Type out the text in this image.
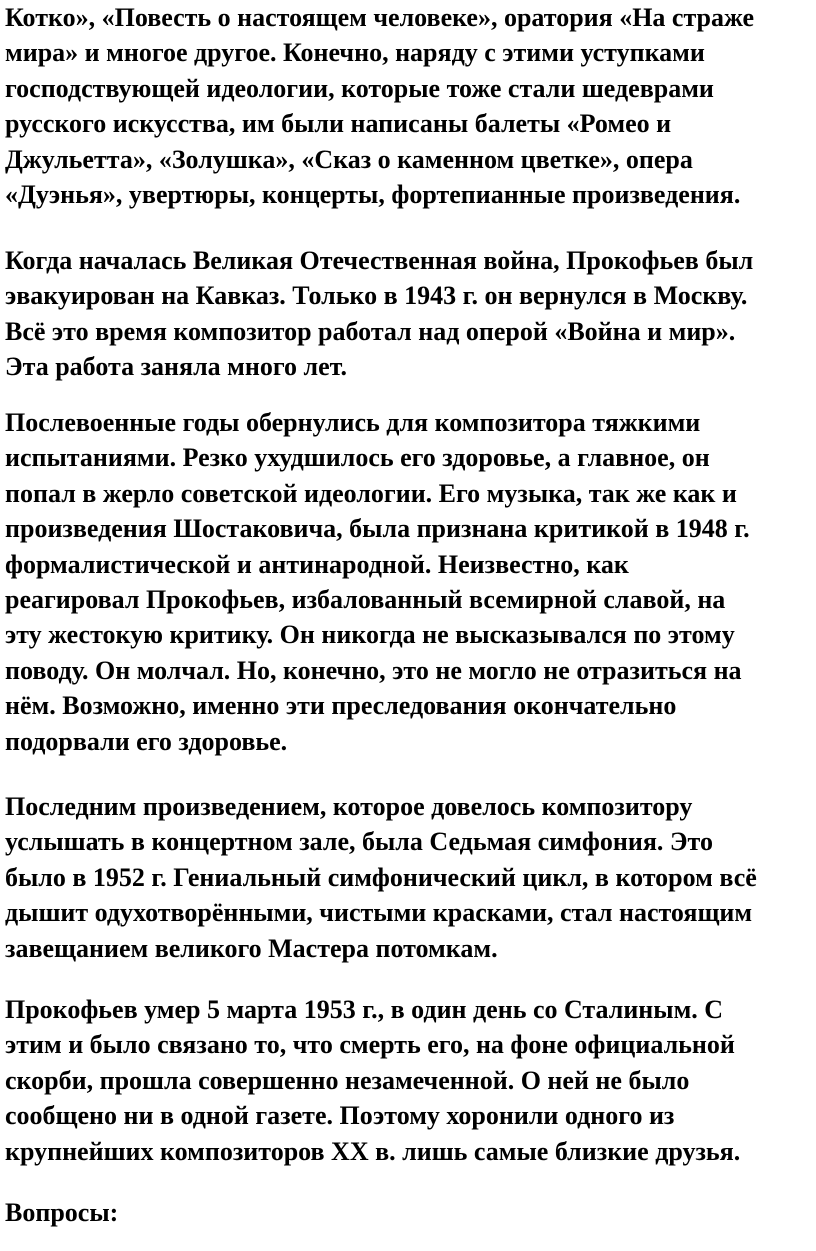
Котко», «Повесть о настоящем человеке», оратория «На страже
мира» и многое другое. Конечно, наряду с этими уступками
господствующей идеологии, которые тоже стали шедеврами
русского искусства, им были написаны балеты «Ромео и
Джульетта», «Золушка», «Сказ о каменном цветке», опера
«Дуэнья», увертюры, концерты, фортепианные произведения.

Когда началась Великая Отечественная война, Прокофьев был
эвакуирован на Кавказ. Только в 1943 г. он вернулся в Москву.
Всё это время композитор работал над оперой «Война и мир».
Эта работа заняла много лет.

Послевоенные годы обернулись для композитора тяжкими
испытаниями. Резко ухудшилось его здоровье, а главное, он
попал в жерло советской идеологии. Его музыка, так же как и
произведения Шостаковича, была признана критикой в 1948 г.
формалистической и антинародной. Неизвестно, как
реагировал Прокофьев, избалованный всемирной славой, на
эту жестокую критику. Он никогда не высказывался по этому
поводу. Он молчал. Но, конечно, это не могло не отразиться на
нём. Возможно, именно эти преследования окончательно
подорвали его здоровье.

Последним произведением, которое довелось композитору
услышать в концертном зале, была Седьмая симфония. Это
было в 1952 г. Гениальный симфонический цикл, в котором всё
дышит одухотворёнными, чистыми красками, стал настоящим
завещанием великого Мастера потомкам.

Прокофьев умер 5 марта 1953 г., в один день со Сталиным. С
этим и было связано то, что смерть его, на фоне официальной
скорби, прошла совершенно незамеченной. О ней не было
сообщено ни в одной газете. Поэтому хоронили одного из
крупнейших композиторов XX в. лишь самые близкие друзья.

Вопросы:
